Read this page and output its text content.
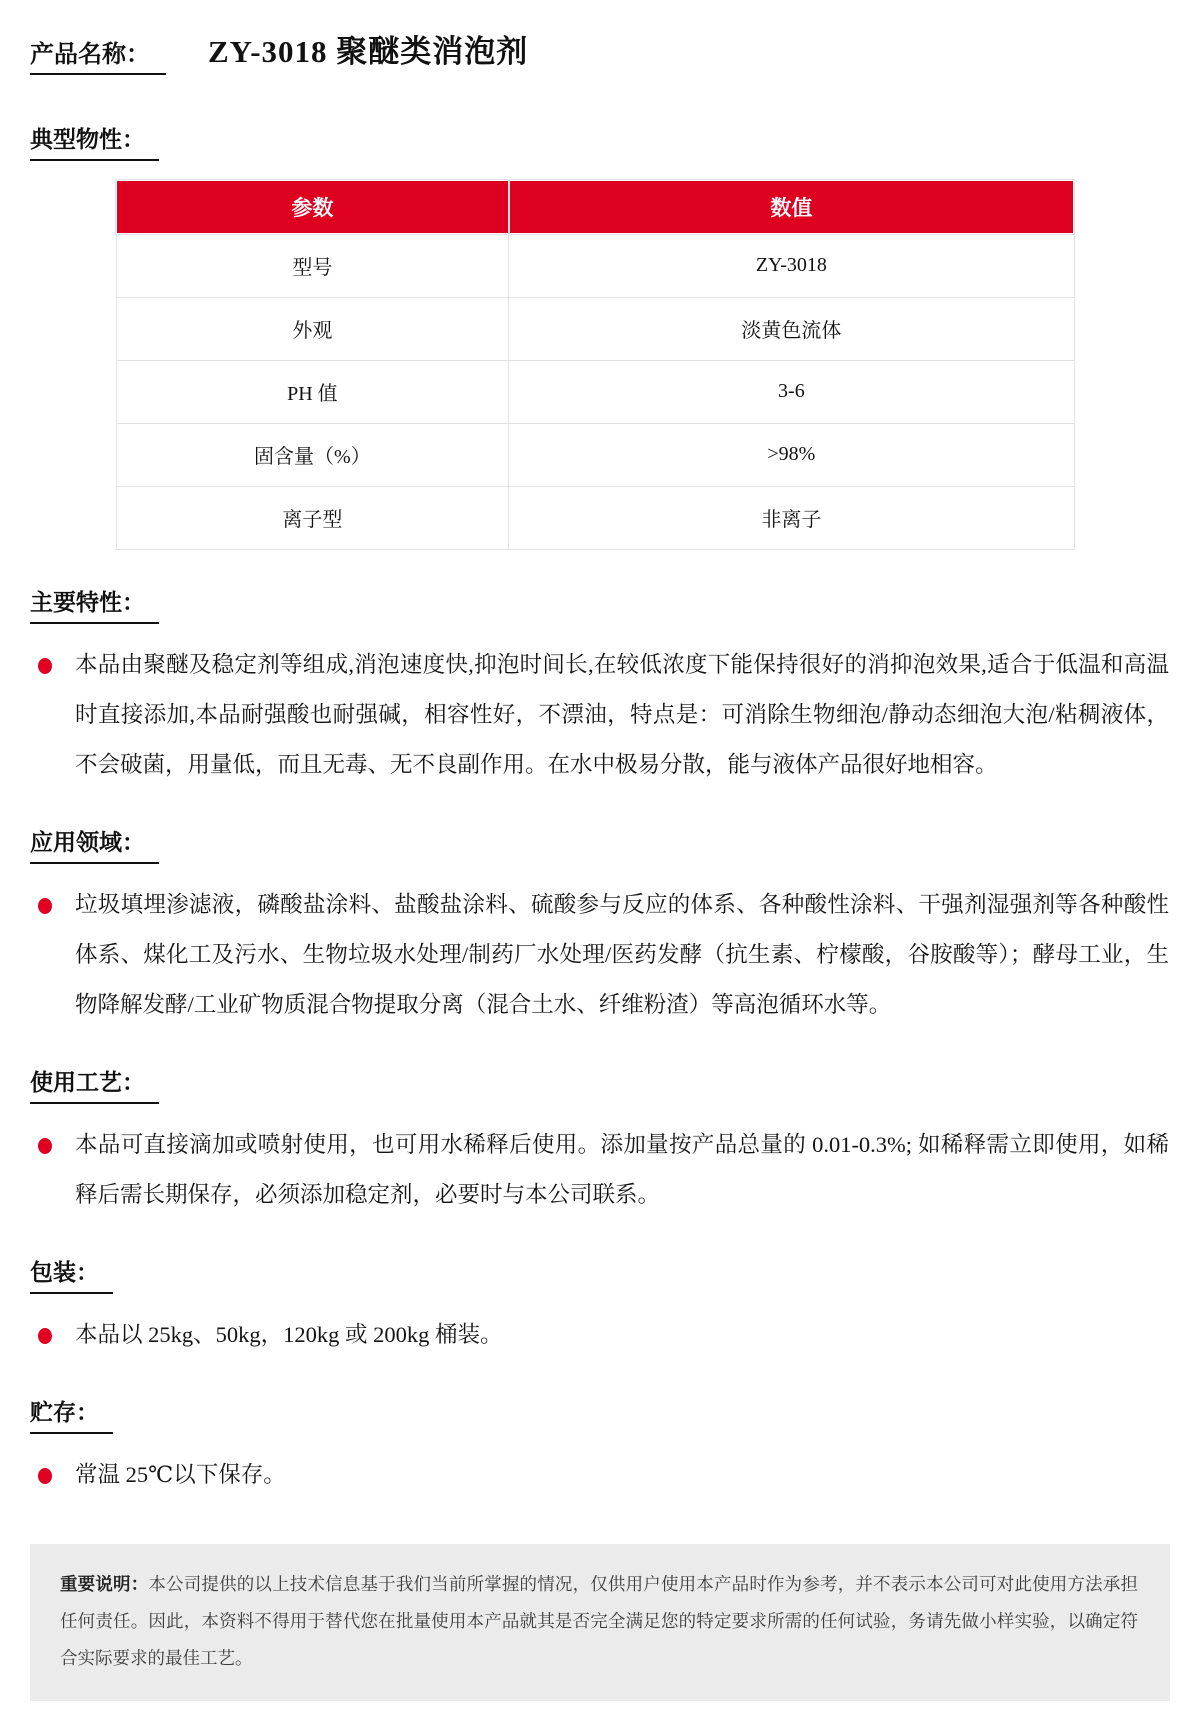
产品名称： ZY-3018 聚醚类消泡剂
典型物性：
参数	数值
型号	ZY-3018
外观	淡黄色流体
PH 值	3-6
固含量（%）	>98%
离子型	非离子
主要特性：
本品由聚醚及稳定剂等组成,消泡速度快,抑泡时间长,在较低浓度下能保持很好的消抑泡效果,适合于低温和高温时直接添加,本品耐强酸也耐强碱，相容性好，不漂油，特点是：可消除生物细泡/静动态细泡大泡/粘稠液体，不会破菌，用量低，而且无毒、无不良副作用。在水中极易分散，能与液体产品很好地相容。
应用领域：
垃圾填埋渗滤液，磷酸盐涂料、盐酸盐涂料、硫酸参与反应的体系、各种酸性涂料、干强剂湿强剂等各种酸性体系、煤化工及污水、生物垃圾水处理/制药厂水处理/医药发酵（抗生素、柠檬酸，谷胺酸等）；酵母工业，生物降解发酵/工业矿物质混合物提取分离（混合土水、纤维粉渣）等高泡循环水等。
使用工艺：
本品可直接滴加或喷射使用，也可用水稀释后使用。添加量按产品总量的 0.01-0.3%; 如稀释需立即使用，如稀释后需长期保存，必须添加稳定剂，必要时与本公司联系。
包装：
本品以 25kg、50kg，120kg 或 200kg 桶装。
贮存：
常温 25℃以下保存。
重要说明：本公司提供的以上技术信息基于我们当前所掌握的情况，仅供用户使用本产品时作为参考，并不表示本公司可对此使用方法承担任何责任。因此，本资料不得用于替代您在批量使用本产品就其是否完全满足您的特定要求所需的任何试验，务请先做小样实验，以确定符合实际要求的最佳工艺。
